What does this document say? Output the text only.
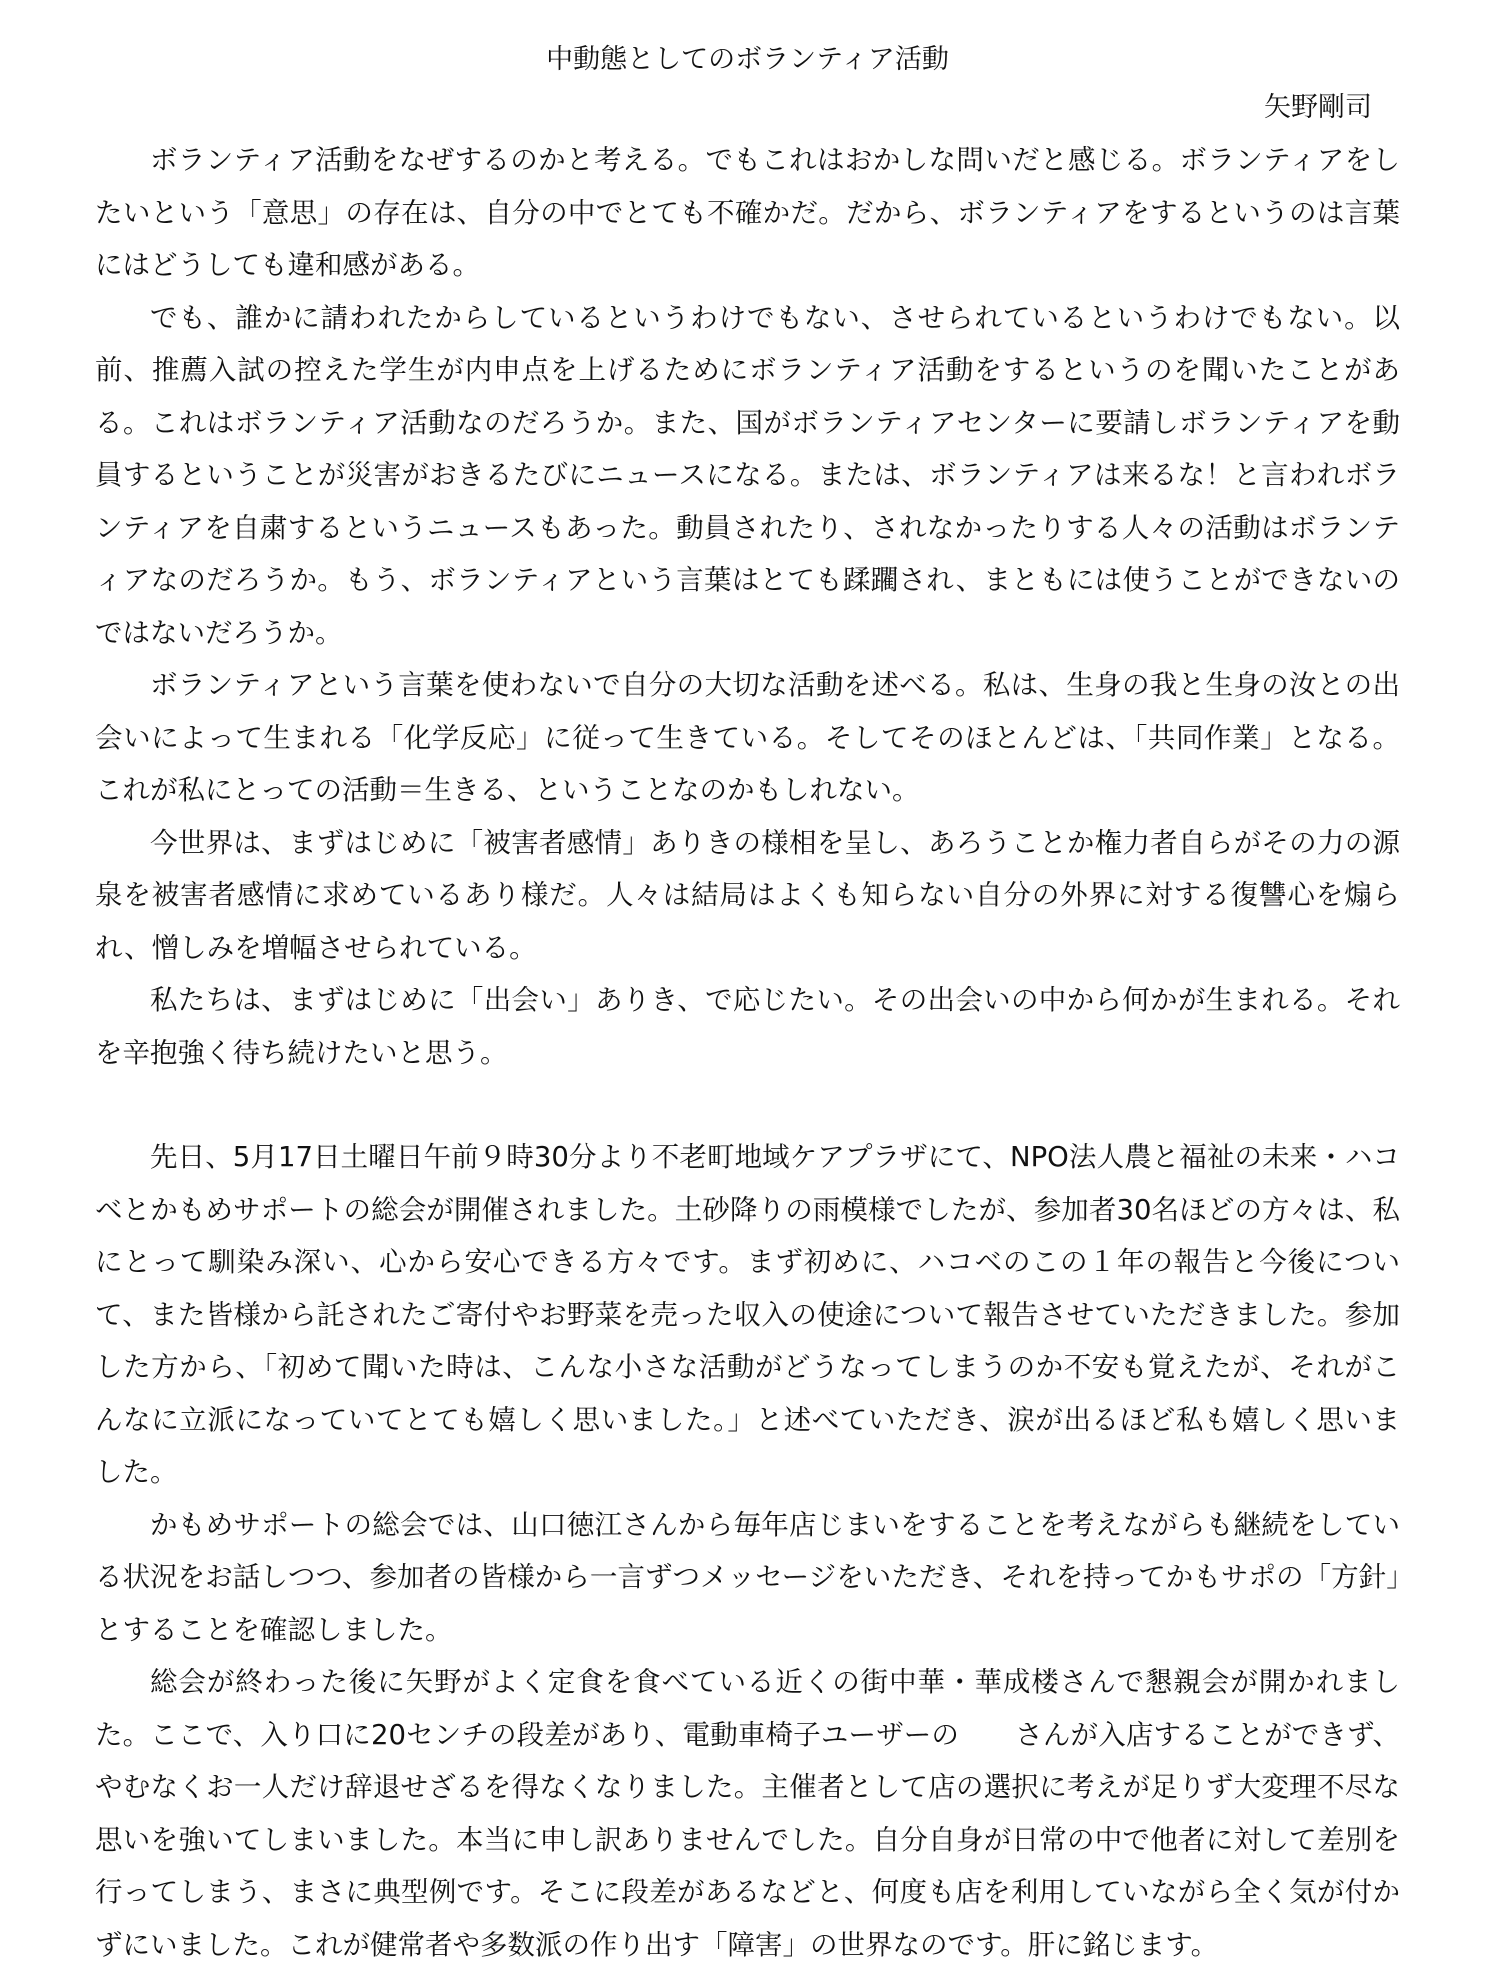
中動態としてのボランティア活動
矢野剛司

ボランティア活動をなぜするのかと考える。でもこれはおかしな問いだと感じる。ボランティアをしたいという「意思」の存在は、自分の中でとても不確かだ。だから、ボランティアをするというのは言葉にはどうしても違和感がある。

でも、誰かに請われたからしているというわけでもない、させられているというわけでもない。以前、推薦入試の控えた学生が内申点を上げるためにボランティア活動をするというのを聞いたことがある。これはボランティア活動なのだろうか。また、国がボランティアセンターに要請しボランティアを動員するということが災害がおきるたびにニュースになる。または、ボランティアは来るな！と言われボランティアを自粛するというニュースもあった。動員されたり、されなかったりする人々の活動はボランティアなのだろうか。もう、ボランティアという言葉はとても蹂躙され、まともには使うことができないのではないだろうか。

ボランティアという言葉を使わないで自分の大切な活動を述べる。私は、生身の我と生身の汝との出会いによって生まれる「化学反応」に従って生きている。そしてそのほとんどは、「共同作業」となる。これが私にとっての活動＝生きる、ということなのかもしれない。

今世界は、まずはじめに「被害者感情」ありきの様相を呈し、あろうことか権力者自らがその力の源泉を被害者感情に求めているあり様だ。人々は結局はよくも知らない自分の外界に対する復讐心を煽られ、憎しみを増幅させられている。

私たちは、まずはじめに「出会い」ありき、で応じたい。その出会いの中から何かが生まれる。それを辛抱強く待ち続けたいと思う。

先日、5月17日土曜日午前９時30分より不老町地域ケアプラザにて、NPO法人農と福祉の未来・ハコベとかもめサポートの総会が開催されました。土砂降りの雨模様でしたが、参加者30名ほどの方々は、私にとって馴染み深い、心から安心できる方々です。まず初めに、ハコベのこの１年の報告と今後について、また皆様から託されたご寄付やお野菜を売った収入の使途について報告させていただきました。参加した方から、「初めて聞いた時は、こんな小さな活動がどうなってしまうのか不安も覚えたが、それがこんなに立派になっていてとても嬉しく思いました。」と述べていただき、涙が出るほど私も嬉しく思いました。

かもめサポートの総会では、山口徳江さんから毎年店じまいをすることを考えながらも継続をしている状況をお話しつつ、参加者の皆様から一言ずつメッセージをいただき、それを持ってかもサポの「方針」とすることを確認しました。

総会が終わった後に矢野がよく定食を食べている近くの街中華・華成楼さんで懇親会が開かれました。ここで、入り口に20センチの段差があり、電動車椅子ユーザーの さんが入店することができず、やむなくお一人だけ辞退せざるを得なくなりました。主催者として店の選択に考えが足りず大変理不尽な思いを強いてしまいました。本当に申し訳ありませんでした。自分自身が日常の中で他者に対して差別を行ってしまう、まさに典型例です。そこに段差があるなどと、何度も店を利用していながら全く気が付かずにいました。これが健常者や多数派の作り出す「障害」の世界なのです。肝に銘じます。
